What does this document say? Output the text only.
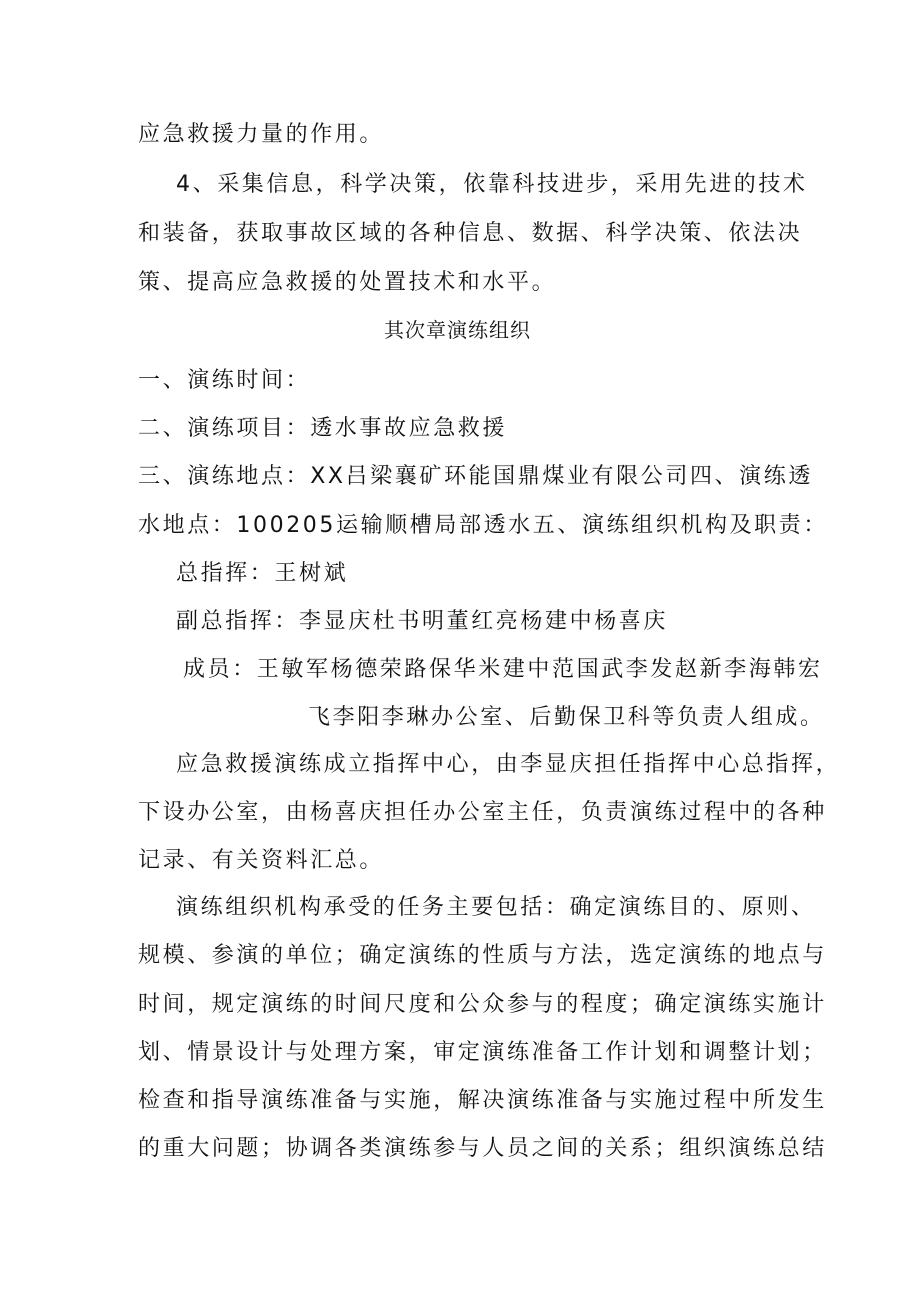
应急救援力量的作用。
4、采集信息，科学决策，依靠科技进步，采用先进的技术
和装备，获取事故区域的各种信息、数据、科学决策、依法决
策、提高应急救援的处置技术和水平。
其次章演练组织
一、演练时间：
二、演练项目：透水事故应急救援
三、演练地点：XX吕梁襄矿环能国鼎煤业有限公司四、演练透
水地点：100205运输顺槽局部透水五、演练组织机构及职责：
总指挥：王树斌
副总指挥：李显庆杜书明董红亮杨建中杨喜庆
成员：王敏军杨德荣路保华米建中范国武李发赵新李海韩宏
飞李阳李琳办公室、后勤保卫科等负责人组成。
应急救援演练成立指挥中心，由李显庆担任指挥中心总指挥，
下设办公室，由杨喜庆担任办公室主任，负责演练过程中的各种
记录、有关资料汇总。
演练组织机构承受的任务主要包括：确定演练目的、原则、
规模、参演的单位；确定演练的性质与方法，选定演练的地点与
时间，规定演练的时间尺度和公众参与的程度；确定演练实施计
划、情景设计与处理方案，审定演练准备工作计划和调整计划；
检查和指导演练准备与实施，解决演练准备与实施过程中所发生
的重大问题；协调各类演练参与人员之间的关系；组织演练总结
